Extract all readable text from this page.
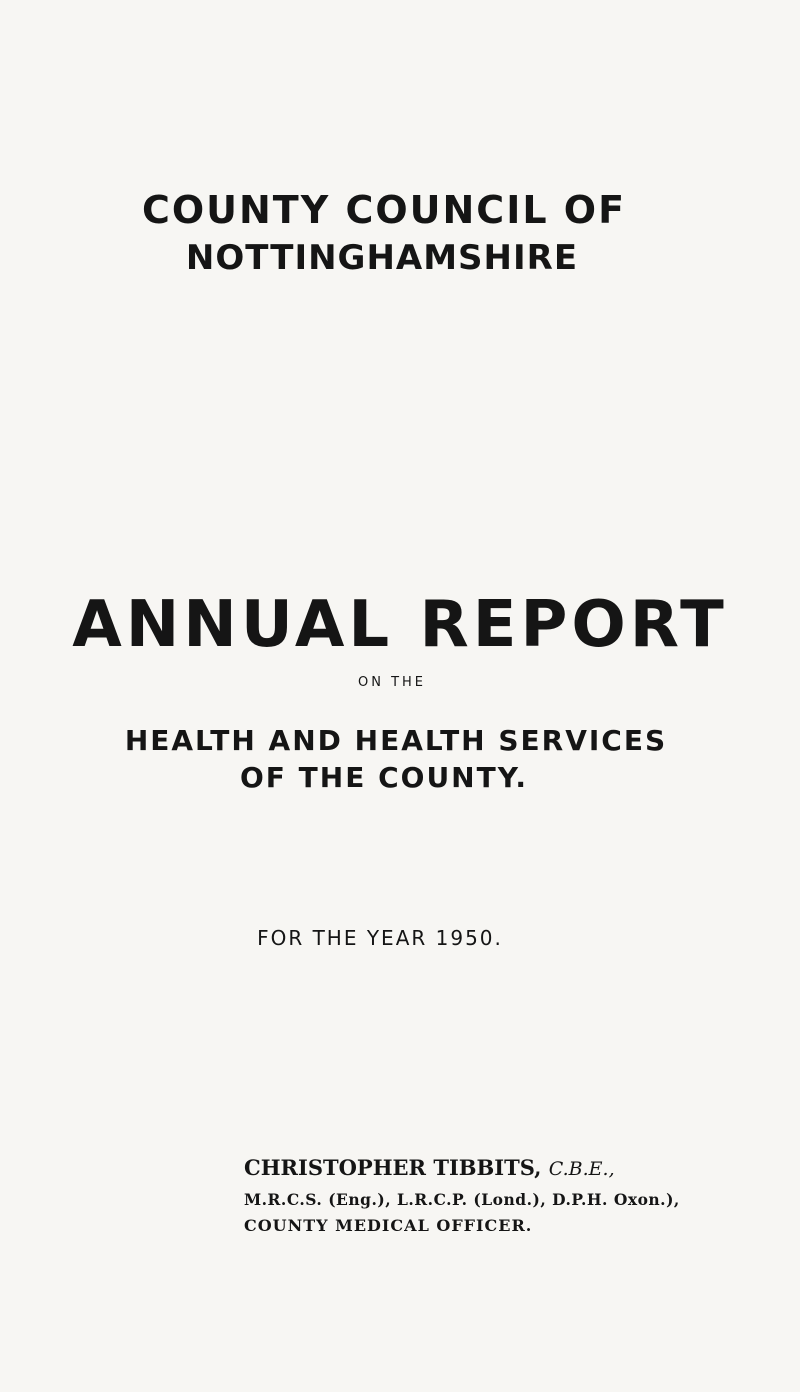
COUNTY COUNCIL OF
NOTTINGHAMSHIRE
ANNUAL REPORT
ON THE
HEALTH AND HEALTH SERVICES
OF THE COUNTY.
FOR THE YEAR 1950.
CHRISTOPHER TIBBITS, C.B.E.,
M.R.C.S. (Eng.), L.R.C.P. (Lond.), D.P.H. Oxon.),
COUNTY MEDICAL OFFICER.
